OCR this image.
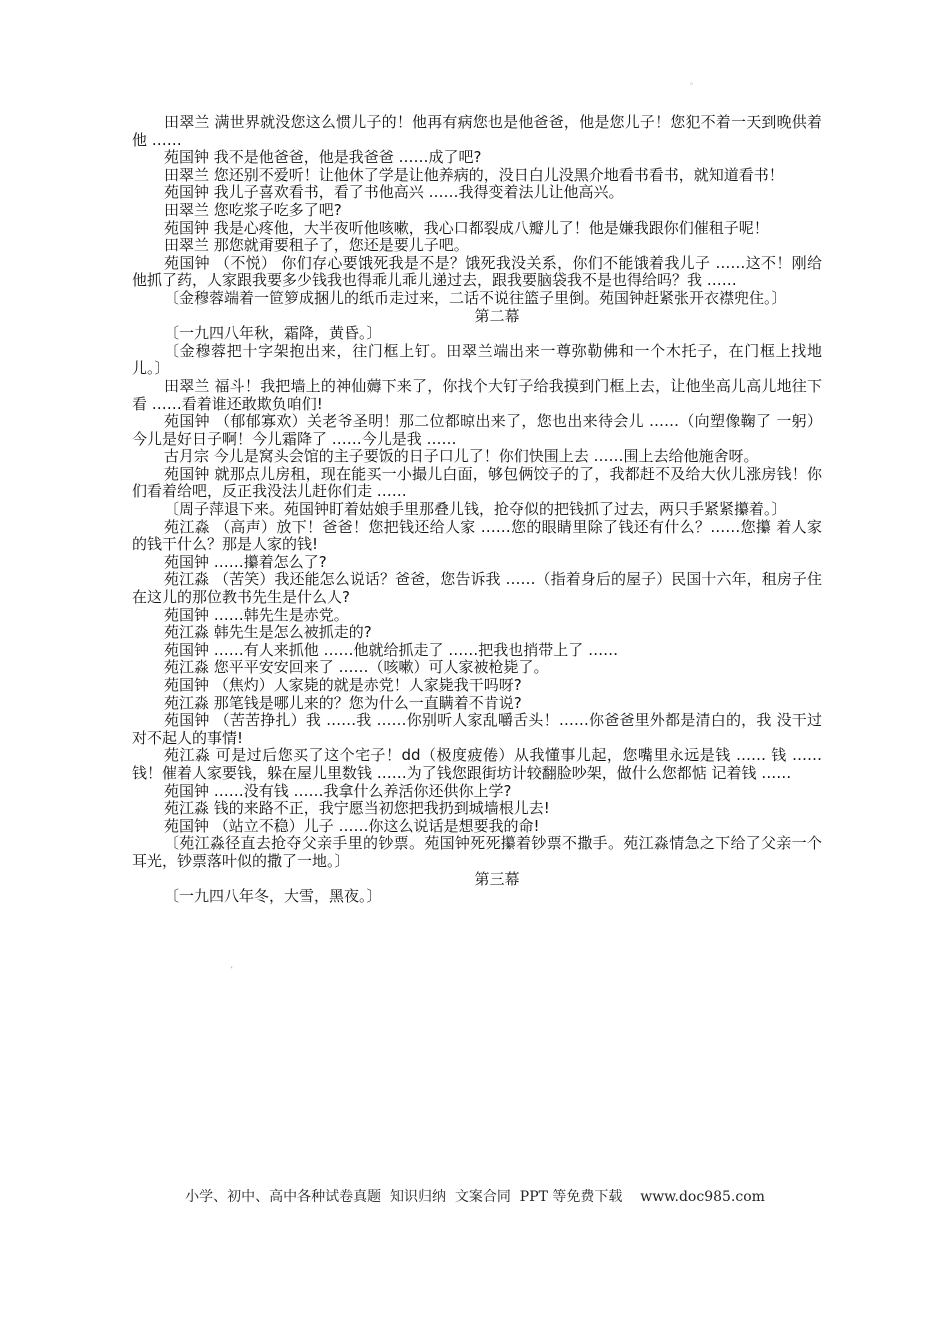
。

田翠兰 满世界就没您这么惯儿子的！他再有病您也是他爸爸，他是您儿子！您犯不着一天到晚供着他 ……

苑国钟 我不是他爸爸，他是我爸爸 ……成了吧?

田翠兰 您还别不爱听！让他休了学是让他养病的，没日白儿没黑介地看书看书，就知道看书！

苑国钟 我儿子喜欢看书，看了书他高兴 ……我得变着法儿让他高兴。

田翠兰 您吃浆子吃多了吧?

苑国钟 我是心疼他，大半夜听他咳嗽，我心口都裂成八瓣儿了！他是嫌我跟你们催租子呢！

田翠兰 那您就甭要租子了，您还是要儿子吧。

苑国钟 （不悦） 你们存心要饿死我是不是？饿死我没关系，你们不能饿着我儿子 ……这不！刚给他抓了药，人家跟我要多少钱我也得乖儿乖儿递过去，跟我要脑袋我不是也得给吗？我 ……

〔金穆蓉端着一笸箩成捆儿的纸币走过来，二话不说往篮子里倒。苑国钟赶紧张开衣襟兜住。〕

第二幕

〔一九四八年秋，霜降，黄昏。〕

〔金穆蓉把十字架抱出来，往门框上钉。田翠兰端出来一尊弥勒佛和一个木托子，在门框上找地儿。〕

田翠兰 福斗！我把墙上的神仙薅下来了，你找个大钉子给我摸到门框上去，让他坐高儿高儿地往下看 ……看着谁还敢欺负咱们!

苑国钟 （郁郁寡欢）关老爷圣明！那二位都晾出来了，您也出来待会儿 ……（向塑像鞠了 一躬）今儿是好日子啊！今儿霜降了 ……今儿是我 ……

古月宗 今儿是窝头会馆的主子要饭的日子口儿了！你们快围上去 ……围上去给他施舍呀。

苑国钟 就那点儿房租，现在能买一小撮儿白面，够包俩饺子的了，我都赶不及给大伙儿涨房钱！你们看着给吧，反正我没法儿赶你们走 ……

〔周子萍退下来。苑国钟盯着姑娘手里那叠儿钱，抢夺似的把钱抓了过去，两只手紧紧攥着。〕

苑江淼 （高声）放下！爸爸！您把钱还给人家 ……您的眼睛里除了钱还有什么？……您攥 着人家的钱干什么？那是人家的钱!

苑国钟 ……攥着怎么了?

苑江淼 （苦笑）我还能怎么说话？爸爸，您告诉我 ……（指着身后的屋子）民国十六年，租房子住在这儿的那位教书先生是什么人?

苑国钟 ……韩先生是赤党。

苑江淼 韩先生是怎么被抓走的?

苑国钟 ……有人来抓他 ……他就给抓走了 ……把我也捎带上了 ……

苑江淼 您平平安安回来了 ……（咳嗽）可人家被枪毙了。

苑国钟 （焦灼）人家毙的就是赤党！人家毙我干吗呀?

苑江淼 那笔钱是哪儿来的？您为什么一直瞒着不肯说?

苑国钟 （苦苦挣扎）我 ……我 ……你别听人家乱嚼舌头！……你爸爸里外都是清白的，我 没干过对不起人的事情!

苑江淼 可是过后您买了这个宅子！dd（极度疲倦）从我懂事儿起，您嘴里永远是钱 …… 钱 ……钱！催着人家要钱，躲在屋儿里数钱 ……为了钱您跟街坊计较翻脸吵架，做什么您都惦 记着钱 ……

苑国钟 ……没有钱 ……我拿什么养活你还供你上学?

苑江淼 钱的来路不正，我宁愿当初您把我扔到城墙根儿去!

苑国钟 （站立不稳）儿子 ……你这么说话是想要我的命!

〔苑江淼径直去抢夺父亲手里的钞票。苑国钟死死攥着钞票不撒手。苑江淼情急之下给了父亲一个耳光，钞票落叶似的撒了一地。〕

第三幕

〔一九四八年冬，大雪，黑夜。〕

'
小学、初中、高中各种试卷真题  知识归纳  文案合同  PPT 等免费下载 www.doc985.com
